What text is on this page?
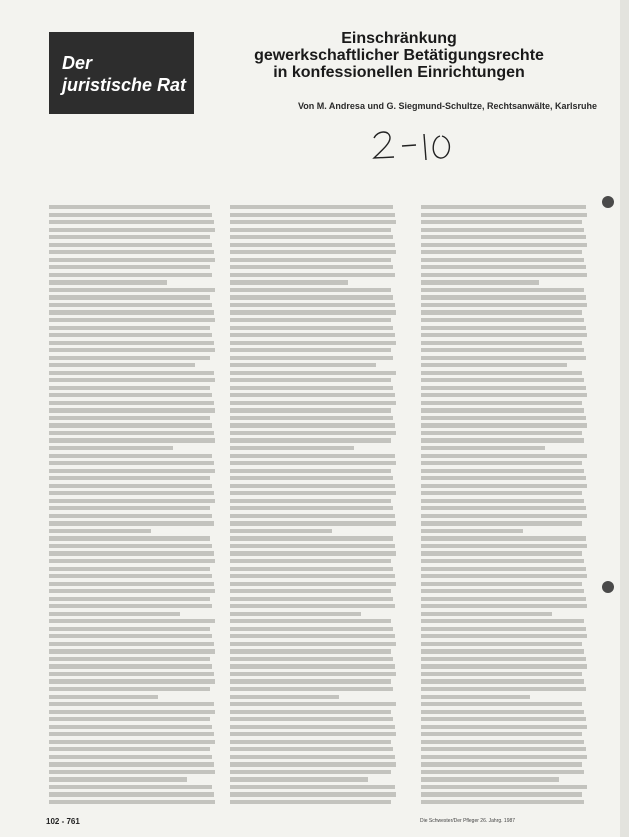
Der
juristische Rat
Einschränkung
gewerkschaftlicher Betätigungsrechte
in konfessionellen Einrichtungen
Von M. Andresa und G. Siegmund-Schultze, Rechtsanwälte, Karlsruhe
102 - 761	Die Schwester/Der Pfleger 26. Jahrg. 1987
